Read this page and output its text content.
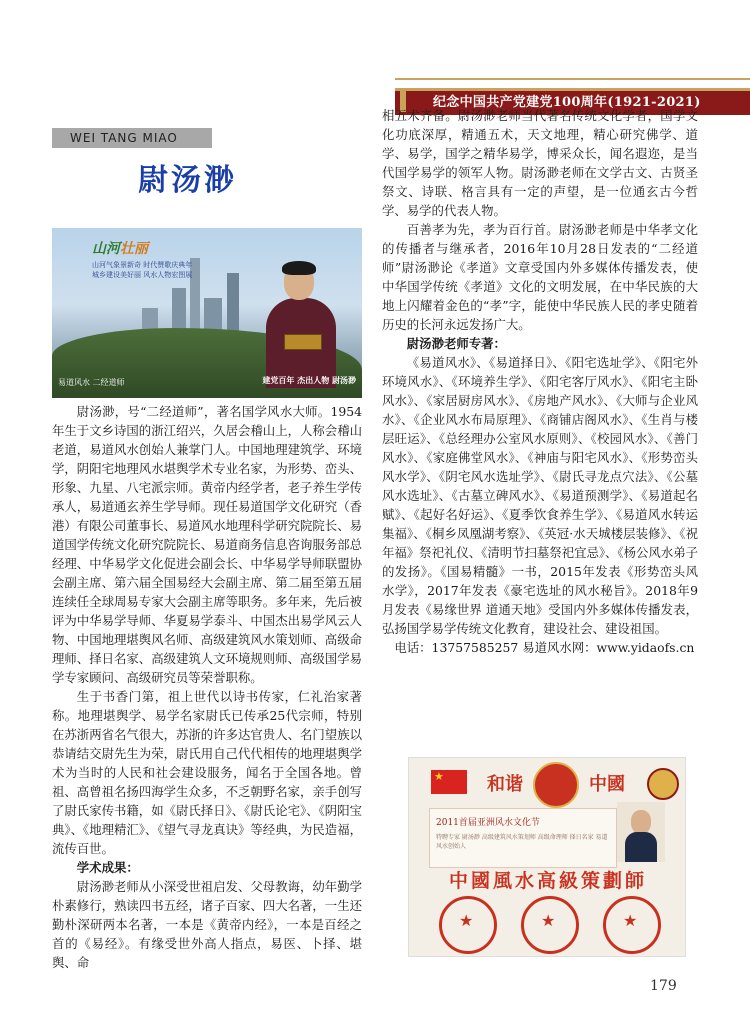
纪念中国共产党建党100周年(1921-2021)
WEI TANG MIAO
尉汤渺
山河壮丽
山河气象景新奇 时代赞歌庆典年
城乡建设美好丽 风水人物宏图展
易道风水 二经道师	建党百年 杰出人物 尉汤渺

尉汤渺，号“二经道师”，著名国学风水大师。1954年生于文乡诗国的浙江绍兴，久居会稽山上，人称会稽山老道，易道风水创始人兼掌门人。中国地理建筑学、环境学，阴阳宅地理风水堪舆学术专业名家，为形势、峦头、形象、九星、八宅派宗师。黄帝内经学者，老子养生学传承人，易道通玄养生学导师。现任易道国学文化研究（香港）有限公司董事长、易道风水地理科学研究院院长、易道国学传统文化研究院院长、易道商务信息咨询服务部总经理、中华易学文化促进会副会长、中华易学导师联盟协会副主席、第六届全国易经大会副主席、第二届至第五届连续任全球周易专家大会副主席等职务。多年来，先后被评为中华易学导师、华夏易学泰斗、中国杰出易学风云人物、中国地理堪舆风名师、高级建筑风水策划师、高级命理师、择日名家、高级建筑人文环境规则师、高级国学易学专家顾问、高级研究员等荣誉职称。

生于书香门第，祖上世代以诗书传家，仁礼治家著称。地理堪舆学、易学名家尉氏已传承25代宗师，特别在苏浙两省名气很大，苏浙的许多达官贵人、名门望族以恭请结交尉先生为荣，尉氏用自己代代相传的地理堪舆学术为当时的人民和社会建设服务，闻名于全国各地。曾祖、高曾祖名扬四海学生众多，不乏朝野名家，亲手创写了尉氏家传书籍，如《尉氏择日》、《尉氏论宅》、《阴阳宝典》、《地理精汇》、《望气寻龙真诀》等经典，为民造福，流传百世。

学术成果：

尉汤渺老师从小深受世祖启发、父母教诲，幼年勤学朴素修行，熟读四书五经，诸子百家、四大名著，一生还勤朴深研两本名著，一本是《黄帝内经》，一本是百经之首的《易经》。有缘受世外高人指点，易医、卜择、堪舆、命

相五术齐备。尉汤渺老师当代著名传统文化学者，国学文化功底深厚，精通五术，天文地理，精心研究佛学、道学、易学，国学之精华易学，博采众长，闻名遐迩，是当代国学易学的领军人物。尉汤渺老师在文学古文、古贤圣祭文、诗联、格言具有一定的声望，是一位通玄古今哲学、易学的代表人物。

百善孝为先，孝为百行首。尉汤渺老师是中华孝文化的传播者与继承者，2016年10月28日发表的“二经道师”尉汤渺论《孝道》文章受国内外多媒体传播发表，使中华国学传统《孝道》文化的文明发展，在中华民族的大地上闪耀着金色的“孝”字，能使中华民族人民的孝史随着历史的长河永远发扬广大。

尉汤渺老师专著：

《易道风水》、《易道择日》、《阳宅选址学》、《阳宅外环境风水》、《环境养生学》、《阳宅客厅风水》、《阳宅主卧风水》、《家居厨房风水》、《房地产风水》、《大师与企业风水》、《企业风水布局原理》、《商铺店阁风水》、《生肖与楼层旺运》、《总经理办公室风水原则》、《校园风水》、《善门风水》、《家庭佛堂风水》、《神庙与阳宅风水》、《形势峦头风水学》、《阴宅风水选址学》、《尉氏寻龙点穴法》、《公墓风水选址》、《古墓立碑风水》、《易道预测学》、《易道起名赋》、《起好名好运》、《夏季饮食养生学》、《易道风水转运集福》、《桐乡凤凰湖考察》、《英冠·水天城楼层装修》、《祝年福》祭祀礼仪、《清明节扫墓祭祀宜忌》、《杨公风水弟子的发扬》。《国易精髓》一书，2015年发表《形势峦头风水学》，2017年发表《豪宅选址的风水秘旨》。2018年9月发表《易缘世界 道通天地》受国内外多媒体传播发表，弘扬国学易学传统文化教育，建设社会、建设祖国。

电话：13757585257 易道风水网：www.yidaofs.cn

★
和谐	中國
2011首届亚洲风水文化节
特聘专家 尉汤渺 高级建筑风水策划师 高级命理师 择日名家 易道风水创始人
中國風水高級策劃師
★
★
★
179
